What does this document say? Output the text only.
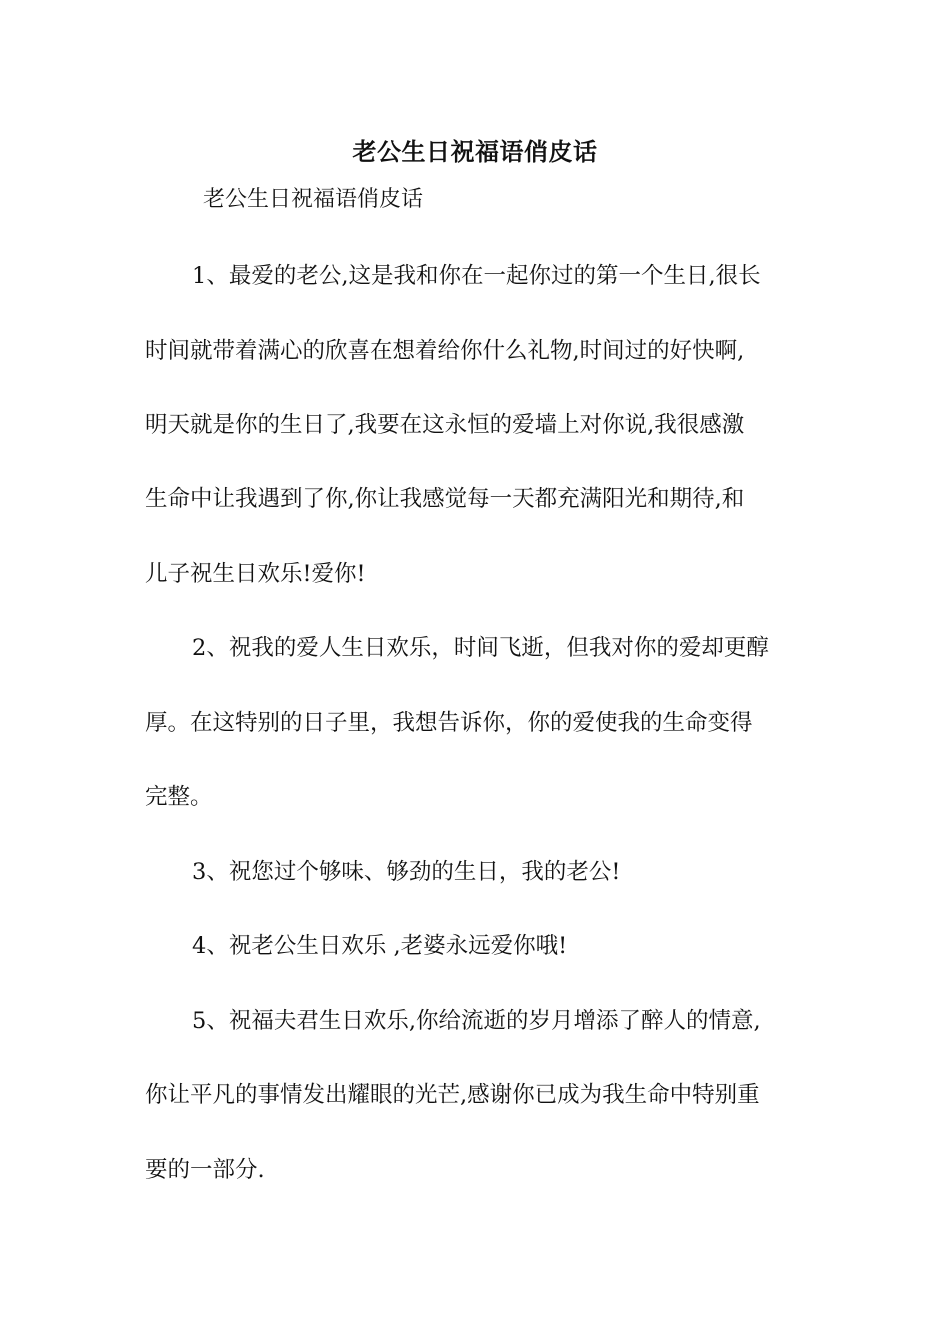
老公生日祝福语俏皮话
老公生日祝福语俏皮话
1、最爱的老公,这是我和你在一起你过的第一个生日,很长
时间就带着满心的欣喜在想着给你什么礼物,时间过的好快啊,
明天就是你的生日了,我要在这永恒的爱墙上对你说,我很感激
生命中让我遇到了你,你让我感觉每一天都充满阳光和期待,和
儿子祝生日欢乐!爱你!
2、祝我的爱人生日欢乐，时间飞逝，但我对你的爱却更醇
厚。在这特别的日子里，我想告诉你，你的爱使我的生命变得
完整。
3、祝您过个够味、够劲的生日，我的老公!
4、祝老公生日欢乐 ,老婆永远爱你哦!
5、祝福夫君生日欢乐,你给流逝的岁月增添了醉人的情意,
你让平凡的事情发出耀眼的光芒,感谢你已成为我生命中特别重
要的一部分.
